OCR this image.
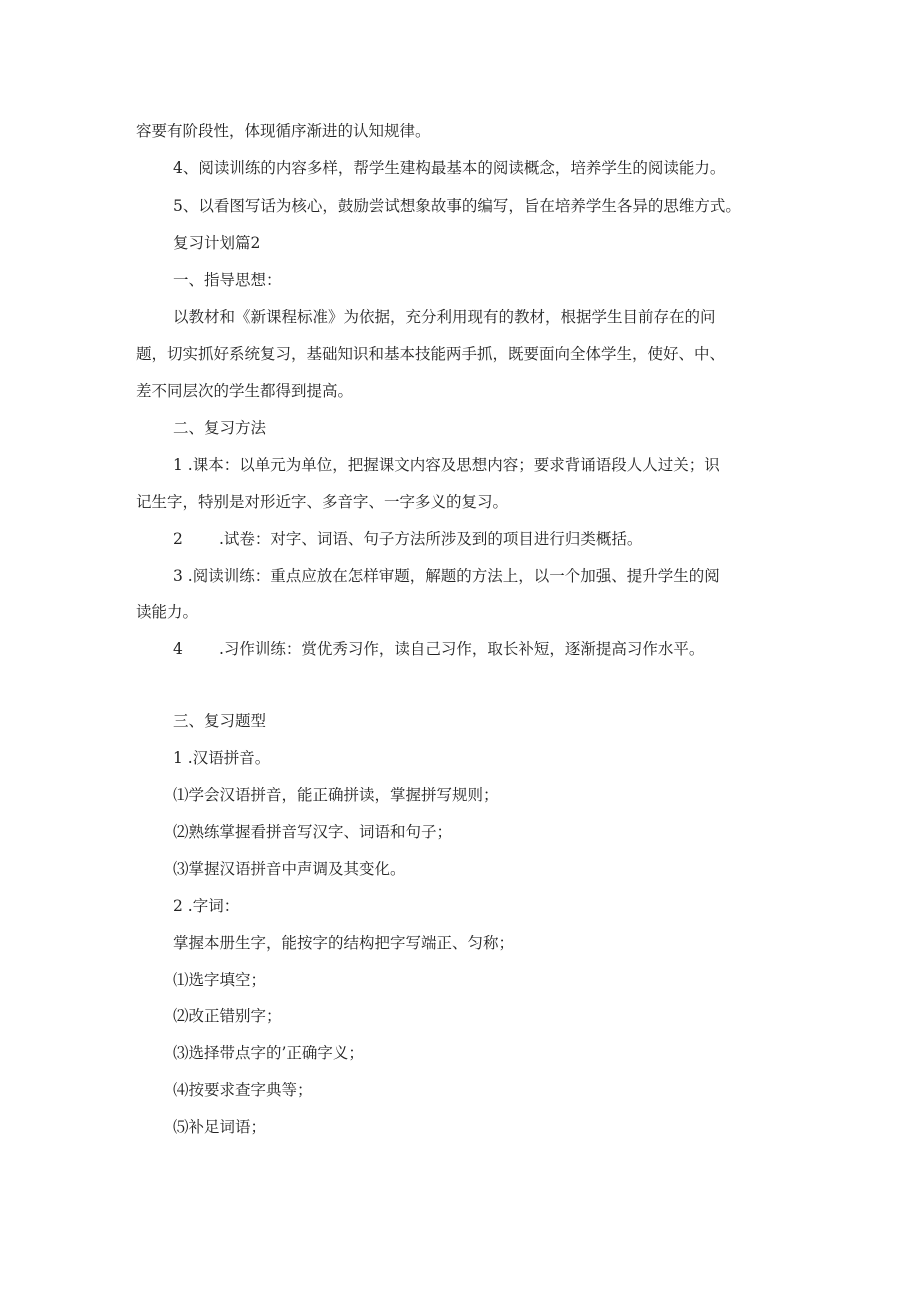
容要有阶段性，体现循序渐进的认知规律。
4、阅读训练的内容多样，帮学生建构最基本的阅读概念，培养学生的阅读能力。
5、以看图写话为核心，鼓励尝试想象故事的编写，旨在培养学生各异的思维方式。
复习计划篇2
一、指导思想：
以教材和《新课程标准》为依据，充分利用现有的教材，根据学生目前存在的问
题，切实抓好系统复习，基础知识和基本技能两手抓，既要面向全体学生，使好、中、
差不同层次的学生都得到提高。
二、复习方法
1 .课本：以单元为单位，把握课文内容及思想内容；要求背诵语段人人过关；识
记生字，特别是对形近字、多音字、一字多义的复习。
2 .试卷：对字、词语、句子方法所涉及到的项目进行归类概括。
3 .阅读训练：重点应放在怎样审题，解题的方法上，以一个加强、提升学生的阅
读能力。
4 .习作训练：赏优秀习作，读自己习作，取长补短，逐渐提高习作水平。
三、复习题型
1 .汉语拼音。
⑴学会汉语拼音，能正确拼读，掌握拼写规则；
⑵熟练掌握看拼音写汉字、词语和句子；
⑶掌握汉语拼音中声调及其变化。
2 .字词：
掌握本册生字，能按字的结构把字写端正、匀称；
⑴选字填空；
⑵改正错别字；
⑶选择带点字的’正确字义；
⑷按要求查字典等；
⑸补足词语；
